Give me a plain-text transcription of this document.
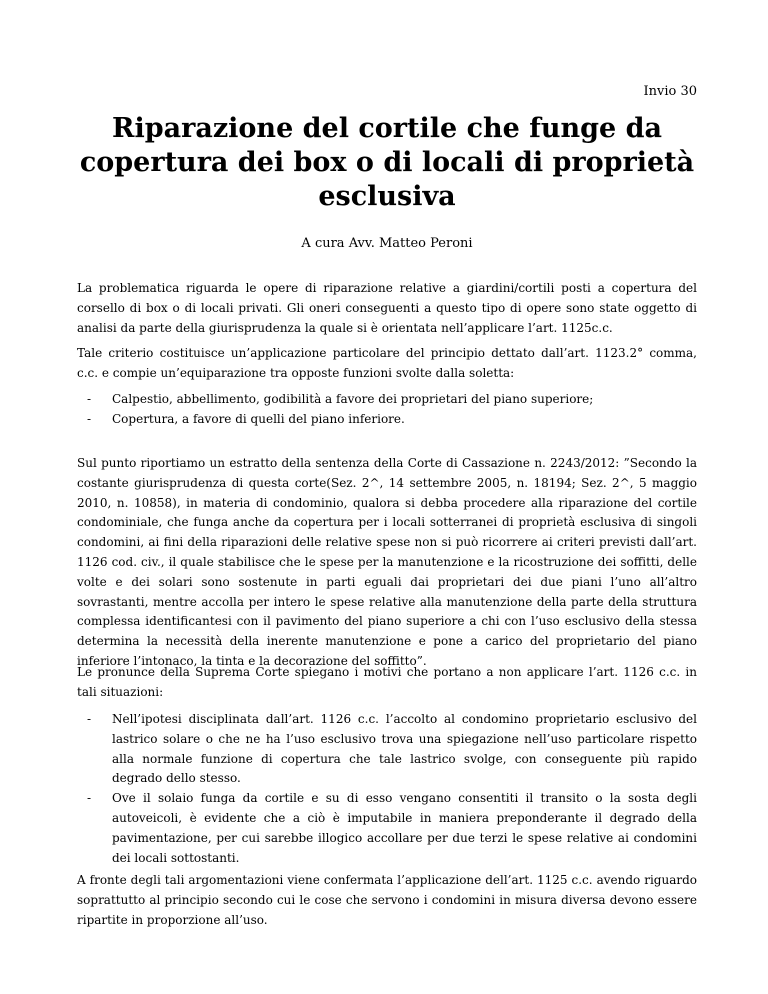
Invio 30
Riparazione del cortile che funge da copertura dei box o di locali di proprietà esclusiva
A cura Avv. Matteo Peroni

La problematica riguarda le opere di riparazione relative a giardini/cortili posti a copertura del corsello di box o di locali privati. Gli oneri conseguenti a questo tipo di opere sono state oggetto di analisi da parte della giurisprudenza la quale si è orientata nell’applicare l’art. 1125c.c.

Tale criterio costituisce un’applicazione particolare del principio dettato dall’art. 1123.2° comma, c.c. e compie un’equiparazione tra opposte funzioni svolte dalla soletta:

- Calpestio, abbellimento, godibilità a favore dei proprietari del piano superiore;
- Copertura, a favore di quelli del piano inferiore.

Sul punto riportiamo un estratto della sentenza della Corte di Cassazione n. 2243/2012: ”Secondo la costante giurisprudenza di questa corte(Sez. 2^, 14 settembre 2005, n. 18194; Sez. 2^, 5 maggio 2010, n. 10858), in materia di condominio, qualora si debba procedere alla riparazione del cortile condominiale, che funga anche da copertura per i locali sotterranei di proprietà esclusiva di singoli condomini, ai fini della riparazioni delle relative spese non si può ricorrere ai criteri previsti dall’art. 1126 cod. civ., il quale stabilisce che le spese per la manutenzione e la ricostruzione dei soffitti, delle volte e dei solari sono sostenute in parti eguali dai proprietari dei due piani l’uno all’altro sovrastanti, mentre accolla per intero le spese relative alla manutenzione della parte della struttura complessa identificantesi con il pavimento del piano superiore a chi con l’uso esclusivo della stessa determina la necessità della inerente manutenzione e pone a carico del proprietario del piano inferiore l’intonaco, la tinta e la decorazione del soffitto”.

Le pronunce della Suprema Corte spiegano i motivi che portano a non applicare l’art. 1126 c.c. in tali situazioni:

- Nell’ipotesi disciplinata dall’art. 1126 c.c. l’accolto al condomino proprietario esclusivo del lastrico solare o che ne ha l’uso esclusivo trova una spiegazione nell’uso particolare rispetto alla normale funzione di copertura che tale lastrico svolge, con conseguente più rapido degrado dello stesso.
- Ove il solaio funga da cortile e su di esso vengano consentiti il transito o la sosta degli autoveicoli, è evidente che a ciò è imputabile in maniera preponderante il degrado della pavimentazione, per cui sarebbe illogico accollare per due terzi le spese relative ai condomini dei locali sottostanti.

A fronte degli tali argomentazioni viene confermata l’applicazione dell’art. 1125 c.c. avendo riguardo soprattutto al principio secondo cui le cose che servono i condomini in misura diversa devono essere ripartite in proporzione all’uso.
